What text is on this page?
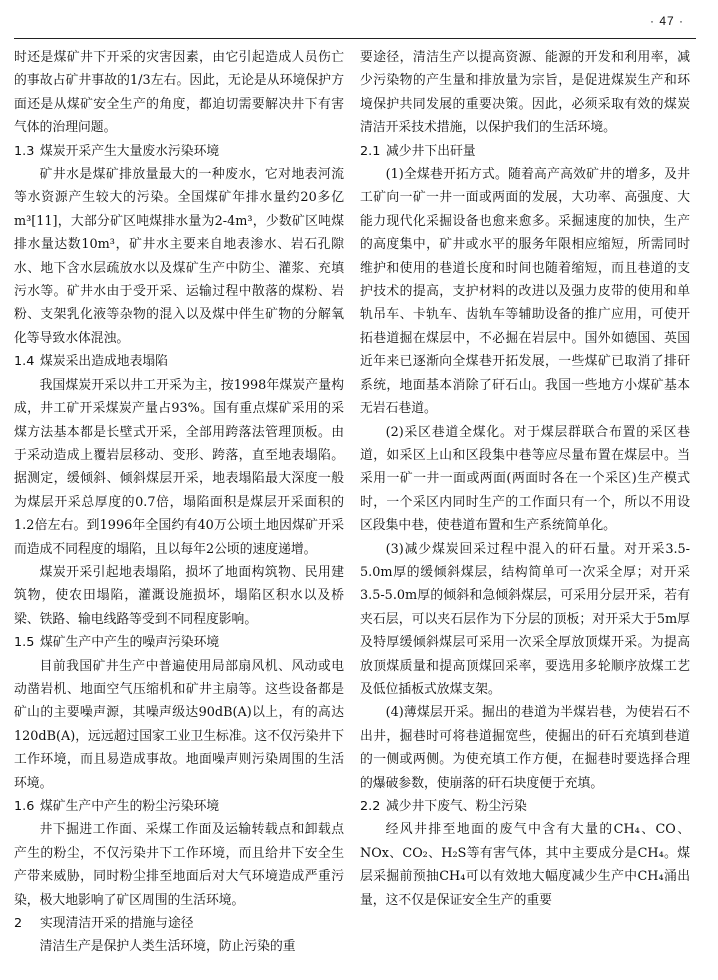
· 47 ·

时还是煤矿井下开采的灾害因素，由它引起造成人员伤亡的事故占矿井事故的1/3左右。因此，无论是从环境保护方面还是从煤矿安全生产的角度，都迫切需要解决井下有害气体的治理问题。

1.3 煤炭开采产生大量废水污染环境

矿井水是煤矿排放量最大的一种废水，它对地表河流等水资源产生较大的污染。全国煤矿年排水量约20多亿m³[11]，大部分矿区吨煤排水量为2-4m³，少数矿区吨煤排水量达数10m³，矿井水主要来自地表渗水、岩石孔隙水、地下含水层疏放水以及煤矿生产中防尘、灌浆、充填污水等。矿井水由于受开采、运输过程中散落的煤粉、岩粉、支架乳化液等杂物的混入以及煤中伴生矿物的分解氧化等导致水体混浊。

1.4 煤炭采出造成地表塌陷

我国煤炭开采以井工开采为主，按1998年煤炭产量构成，井工矿开采煤炭产量占93%。国有重点煤矿采用的采煤方法基本都是长壁式开采，全部用跨落法管理顶板。由于采动造成上覆岩层移动、变形、跨落，直至地表塌陷。据测定，缓倾斜、倾斜煤层开采，地表塌陷最大深度一般为煤层开采总厚度的0.7倍，塌陷面积是煤层开采面积的1.2倍左右。到1996年全国约有40万公顷土地因煤矿开采而造成不同程度的塌陷，且以每年2公顷的速度递增。

煤炭开采引起地表塌陷，损坏了地面构筑物、民用建筑物，使农田塌陷，灌溉设施损坏，塌陷区积水以及桥梁、铁路、输电线路等受到不同程度影响。

1.5 煤矿生产中产生的噪声污染环境

目前我国矿井生产中普遍使用局部扇风机、风动或电动凿岩机、地面空气压缩机和矿井主扇等。这些设备都是矿山的主要噪声源，其噪声级达90dB(A)以上，有的高达120dB(A)，远远超过国家工业卫生标准。这不仅污染井下工作环境，而且易造成事故。地面噪声则污染周围的生活环境。

1.6 煤矿生产中产生的粉尘污染环境

井下掘进工作面、采煤工作面及运输转载点和卸载点产生的粉尘，不仅污染井下工作环境，而且给井下安全生产带来威胁，同时粉尘排至地面后对大气环境造成严重污染，极大地影响了矿区周围的生活环境。

2 实现清洁开采的措施与途径

清洁生产是保护人类生活环境，防止污染的重

要途径，清洁生产以提高资源、能源的开发和利用率，减少污染物的产生量和排放量为宗旨，是促进煤炭生产和环境保护共同发展的重要决策。因此，必须采取有效的煤炭清洁开采技术措施，以保护我们的生活环境。

2.1 减少井下出矸量

(1)全煤巷开拓方式。随着高产高效矿井的增多，及井工矿向一矿一井一面或两面的发展，大功率、高强度、大能力现代化采掘设备也愈来愈多。采掘速度的加快，生产的高度集中，矿井或水平的服务年限相应缩短，所需同时维护和使用的巷道长度和时间也随着缩短，而且巷道的支护技术的提高，支护材料的改进以及强力皮带的使用和单轨吊车、卡轨车、齿轨车等辅助设备的推广应用，可使开拓巷道掘在煤层中，不必掘在岩层中。国外如德国、英国近年来已逐渐向全煤巷开拓发展，一些煤矿已取消了排矸系统，地面基本消除了矸石山。我国一些地方小煤矿基本无岩石巷道。

(2)采区巷道全煤化。对于煤层群联合布置的采区巷道，如采区上山和区段集中巷等应尽量布置在煤层中。当采用一矿一井一面或两面(两面时各在一个采区)生产模式时，一个采区内同时生产的工作面只有一个，所以不用设区段集中巷，使巷道布置和生产系统简单化。

(3)减少煤炭回采过程中混入的矸石量。对开采3.5-5.0m厚的缓倾斜煤层，结构简单可一次采全厚；对开采3.5-5.0m厚的倾斜和急倾斜煤层，可采用分层开采，若有夹石层，可以夹石层作为下分层的顶板；对开采大于5m厚及特厚缓倾斜煤层可采用一次采全厚放顶煤开采。为提高放顶煤质量和提高顶煤回采率，要选用多轮顺序放煤工艺及低位插板式放煤支架。

(4)薄煤层开采。掘出的巷道为半煤岩巷，为使岩石不出井，掘巷时可将巷道掘宽些，使掘出的矸石充填到巷道的一侧或两侧。为使充填工作方便，在掘巷时要选择合理的爆破参数，使崩落的矸石块度便于充填。

2.2 减少井下废气、粉尘污染

经风井排至地面的废气中含有大量的CH₄、CO、NOx、CO₂、H₂S等有害气体，其中主要成分是CH₄。煤层采掘前预抽CH₄可以有效地大幅度减少生产中CH₄涌出量，这不仅是保证安全生产的重要
